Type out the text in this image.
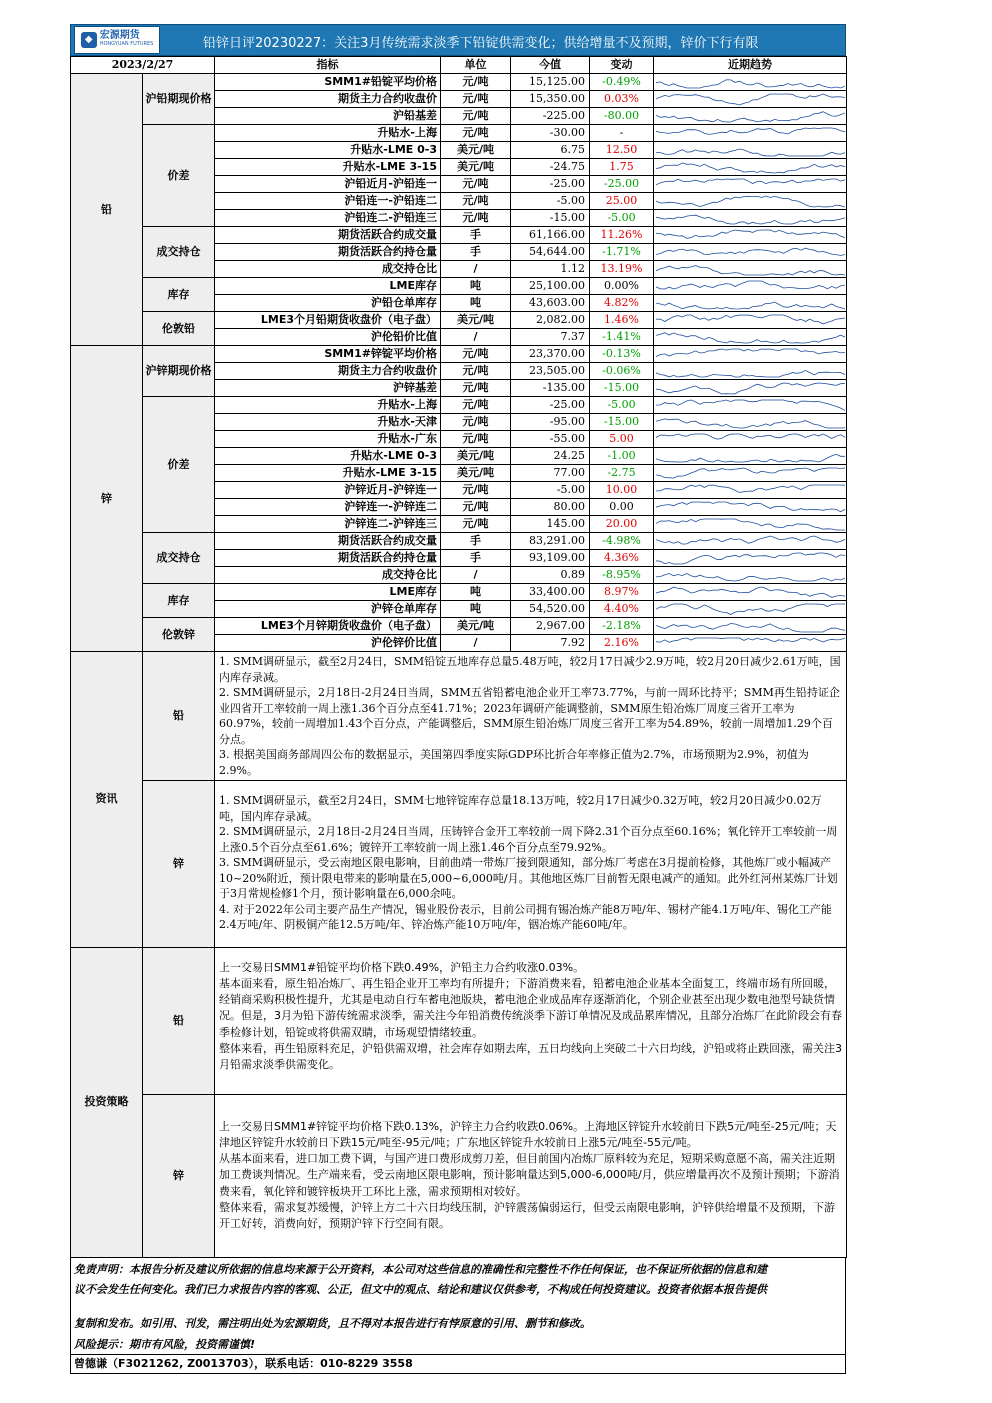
◆ 宏源期货
HONGYUAN FUTURES	铅锌日评20230227：关注3月传统需求淡季下铅锭供需变化；供给增量不及预期，锌价下行有限
2023/2/27		指标	单位	今值	变动	近期趋势
铅	沪铅期现价格	SMM1#铅锭平均价格	元/吨	15,125.00	-0.49%	

		期货主力合约收盘价	元/吨	15,350.00	0.03%	

		沪铅基差	元/吨	-225.00	-80.00	

	价差	升贴水-上海	元/吨	-30.00	-	

		升贴水-LME 0-3	美元/吨	6.75	12.50	

		升贴水-LME 3-15	美元/吨	-24.75	1.75	

		沪铅近月-沪铅连一	元/吨	-25.00	-25.00	

		沪铅连一-沪铅连二	元/吨	-5.00	25.00	

		沪铅连二-沪铅连三	元/吨	-15.00	-5.00	

	成交持仓	期货活跃合约成交量	手	61,166.00	11.26%	

		期货活跃合约持仓量	手	54,644.00	-1.71%	

		成交持仓比	/	1.12	13.19%	

	库存	LME库存	吨	25,100.00	0.00%	

		沪铅仓单库存	吨	43,603.00	4.82%	

	伦敦铅	LME3个月铅期货收盘价（电子盘）	美元/吨	2,082.00	1.46%	

		沪伦铅价比值	/	7.37	-1.41%	

锌	沪锌期现价格	SMM1#锌锭平均价格	元/吨	23,370.00	-0.13%	

		期货主力合约收盘价	元/吨	23,505.00	-0.06%	

		沪锌基差	元/吨	-135.00	-15.00	

	价差	升贴水-上海	元/吨	-25.00	-5.00	

		升贴水-天津	元/吨	-95.00	-15.00	

		升贴水-广东	元/吨	-55.00	5.00	

		升贴水-LME 0-3	美元/吨	24.25	-1.00	

		升贴水-LME 3-15	美元/吨	77.00	-2.75	

		沪锌近月-沪锌连一	元/吨	-5.00	10.00	

		沪锌连一-沪锌连二	元/吨	80.00	0.00	

		沪锌连二-沪锌连三	元/吨	145.00	20.00	

	成交持仓	期货活跃合约成交量	手	83,291.00	-4.98%	

		期货活跃合约持仓量	手	93,109.00	4.36%	

		成交持仓比	/	0.89	-8.95%	

	库存	LME库存	吨	33,400.00	8.97%	

		沪锌仓单库存	吨	54,520.00	4.40%	

	伦敦锌	LME3个月锌期货收盘价（电子盘）	美元/吨	2,967.00	-2.18%	

		沪伦锌价比值	/	7.92	2.16%	
资讯	铅	1. SMM调研显示，截至2月24日，SMM铅锭五地库存总量5.48万吨，较2月17日减少2.9万吨，较2月20日减少2.61万吨，国内库存录减。

2. SMM调研显示，2月18日-2月24日当周，SMM五省铅蓄电池企业开工率73.77%，与前一周环比持平；SMM再生铅持证企业四省开工率较前一周上涨1.36个百分点至41.71%；2023年调研产能调整前，SMM原生铅冶炼厂周度三省开工率为60.97%，较前一周增加1.43个百分点，产能调整后，SMM原生铅冶炼厂周度三省开工率为54.89%，较前一周增加1.29个百分点。

3. 根据美国商务部周四公布的数据显示，美国第四季度实际GDP环比折合年率修正值为2.7%，市场预期为2.9%，初值为2.9%。

	锌	1. SMM调研显示，截至2月24日，SMM七地锌锭库存总量18.13万吨，较2月17日减少0.32万吨，较2月20日减少0.02万吨，国内库存录减。

2. SMM调研显示，2月18日-2月24日当周，压铸锌合金开工率较前一周下降2.31个百分点至60.16%；氧化锌开工率较前一周上涨0.5个百分点至61.6%；镀锌开工率较前一周上涨1.46个百分点至79.92%。

3. SMM调研显示，受云南地区限电影响，目前曲靖一带炼厂接到限通知，部分炼厂考虑在3月提前检修，其他炼厂或小幅减产10~20%附近，预计限电带来的影响量在5,000~6,000吨/月。其他地区炼厂目前暂无限电减产的通知。此外红河州某炼厂计划于3月常规检修1个月，预计影响量在6,000余吨。

4. 对于2022年公司主要产品生产情况，锡业股份表示，目前公司拥有锡冶炼产能8万吨/年、锡材产能4.1万吨/年、锡化工产能2.4万吨/年、阴极铜产能12.5万吨/年、锌冶炼产能10万吨/年，铟冶炼产能60吨/年。

投资策略	铅	上一交易日SMM1#铅锭平均价格下跌0.49%，沪铅主力合约收涨0.03%。

基本面来看，原生铅冶炼厂、再生铅企业开工率均有所提升；下游消费来看，铅蓄电池企业基本全面复工，终端市场有所回暖，经销商采购积极性提升，尤其是电动自行车蓄电池版块，蓄电池企业成品库存逐渐消化，个别企业甚至出现少数电池型号缺货情况。但是，3月为铅下游传统需求淡季，需关注今年铅消费传统淡季下游订单情况及成品累库情况，且部分冶炼厂在此阶段会有春季检修计划，铅锭或将供需双睛，市场观望情绪较重。

整体来看，再生铅原料充足，沪铅供需双增，社会库存如期去库，五日均线向上突破二十六日均线，沪铅或将止跌回涨，需关注3月铅需求淡季供需变化。

	锌	上一交易日SMM1#锌锭平均价格下跌0.13%，沪锌主力合约收跌0.06%。上海地区锌锭升水较前日下跌5元/吨至-25元/吨；天津地区锌锭升水较前日下跌15元/吨至-95元/吨；广东地区锌锭升水较前日上涨5元/吨至-55元/吨。

从基本面来看，进口加工费下调，与国产进口费形成剪刀差，但目前国内冶炼厂原料较为充足，短期采购意愿不高，需关注近期加工费谈判情况。生产端来看，受云南地区限电影响，预计影响量达到5,000-6,000吨/月，供应增量再次不及预计预期；下游消费来看，氧化锌和镀锌板块开工环比上涨，需求预期相对较好。

整体来看，需求复苏缓慢，沪锌上方二十六日均线压制，沪锌震荡偏弱运行，但受云南限电影响，沪锌供给增量不及预期，下游开工好转，消费向好，预期沪锌下行空间有限。

免责声明：本报告分析及建议所依据的信息均来源于公开资料，本公司对这些信息的准确性和完整性不作任何保证，也不保证所依据的信息和建

议不会发生任何变化。我们已力求报告内容的客观、公正，但文中的观点、结论和建议仅供参考，不构成任何投资建议。投资者依据本报告提供

复制和发布。如引用、刊发，需注明出处为宏源期货，且不得对本报告进行有悖原意的引用、删节和修改。

风险提示：期市有风险，投资需谨慎!
曾德谦（F3021262, Z0013703），联系电话：010-8229 3558
